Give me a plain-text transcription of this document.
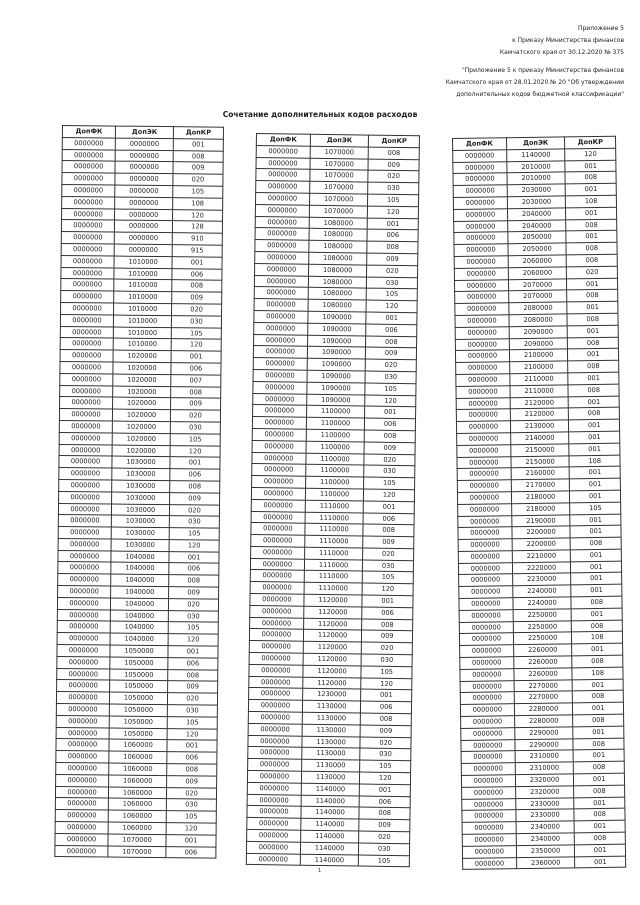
Приложение 5
к Приказу Министерства финансов
Камчатского края от 30.12.2020 № 375
"Приложение 5 к приказу Министерства финансов
Камчатского края от 28.01.2020 № 20 "Об утверждении
дополнительных кодов бюджетной классификации"
Сочетание дополнительных кодов расходов
ДопФК	ДопЭК	ДопКР
0000000	0000000	001
0000000	0000000	008
0000000	0000000	009
0000000	0000000	020
0000000	0000000	105
0000000	0000000	108
0000000	0000000	120
0000000	0000000	128
0000000	0000000	910
0000000	0000000	915
0000000	1010000	001
0000000	1010000	006
0000000	1010000	008
0000000	1010000	009
0000000	1010000	020
0000000	1010000	030
0000000	1010000	105
0000000	1010000	120
0000000	1020000	001
0000000	1020000	006
0000000	1020000	007
0000000	1020000	008
0000000	1020000	009
0000000	1020000	020
0000000	1020000	030
0000000	1020000	105
0000000	1020000	120
0000000	1030000	001
0000000	1030000	006
0000000	1030000	008
0000000	1030000	009
0000000	1030000	020
0000000	1030000	030
0000000	1030000	105
0000000	1030000	120
0000000	1040000	001
0000000	1040000	006
0000000	1040000	008
0000000	1040000	009
0000000	1040000	020
0000000	1040000	030
0000000	1040000	105
0000000	1040000	120
0000000	1050000	001
0000000	1050000	006
0000000	1050000	008
0000000	1050000	009
0000000	1050000	020
0000000	1050000	030
0000000	1050000	105
0000000	1050000	120
0000000	1060000	001
0000000	1060000	006
0000000	1060000	008
0000000	1060000	009
0000000	1060000	020
0000000	1060000	030
0000000	1060000	105
0000000	1060000	120
0000000	1070000	001
0000000	1070000	006
ДопФК	ДопЭК	ДопКР
0000000	1070000	008
0000000	1070000	009
0000000	1070000	020
0000000	1070000	030
0000000	1070000	105
0000000	1070000	120
0000000	1080000	001
0000000	1080000	006
0000000	1080000	008
0000000	1080000	009
0000000	1080000	020
0000000	1080000	030
0000000	1080000	105
0000000	1080000	120
0000000	1090000	001
0000000	1090000	006
0000000	1090000	008
0000000	1090000	009
0000000	1090000	020
0000000	1090000	030
0000000	1090000	105
0000000	1090000	120
0000000	1100000	001
0000000	1100000	006
0000000	1100000	008
0000000	1100000	009
0000000	1100000	020
0000000	1100000	030
0000000	1100000	105
0000000	1100000	120
0000000	1110000	001
0000000	1110000	006
0000000	1110000	008
0000000	1110000	009
0000000	1110000	020
0000000	1110000	030
0000000	1110000	105
0000000	1110000	120
0000000	1120000	001
0000000	1120000	006
0000000	1120000	008
0000000	1120000	009
0000000	1120000	020
0000000	1120000	030
0000000	1120000	105
0000000	1120000	120
0000000	1230000	001
0000000	1130000	006
0000000	1130000	008
0000000	1130000	009
0000000	1130000	020
0000000	1130000	030
0000000	1130000	105
0000000	1130000	120
0000000	1140000	001
0000000	1140000	006
0000000	1140000	008
0000000	1140000	009
0000000	1140000	020
0000000	1140000	030
0000000	1140000	105
ДопФК	ДопЭК	ДопКР
0000000	1140000	120
0000000	2010000	001
0000000	2010000	008
0000000	2030000	001
0000000	2030000	108
0000000	2040000	001
0000000	2040000	008
0000000	2050000	001
0000000	2050000	008
0000000	2060000	008
0000000	2060000	020
0000000	2070000	001
0000000	2070000	008
0000000	2080000	001
0000000	2080000	008
0000000	2090000	001
0000000	2090000	008
0000000	2100000	001
0000000	2100000	008
0000000	2110000	001
0000000	2110000	008
0000000	2120000	001
0000000	2120000	008
0000000	2130000	001
0000000	2140000	001
0000000	2150000	001
0000000	2150000	108
0000000	2160000	001
0000000	2170000	001
0000000	2180000	001
0000000	2180000	105
0000000	2190000	001
0000000	2200000	001
0000000	2200000	008
0000000	2210000	001
0000000	2220000	001
0000000	2230000	001
0000000	2240000	001
0000000	2240000	008
0000000	2250000	001
0000000	2250000	008
0000000	2250000	108
0000000	2260000	001
0000000	2260000	008
0000000	2260000	108
0000000	2270000	001
0000000	2270000	008
0000000	2280000	001
0000000	2280000	008
0000000	2290000	001
0000000	2290000	008
0000000	2310000	001
0000000	2310000	008
0000000	2320000	001
0000000	2320000	008
0000000	2330000	001
0000000	2330000	008
0000000	2340000	001
0000000	2340000	008
0000000	2350000	001
0000000	2360000	001
1
